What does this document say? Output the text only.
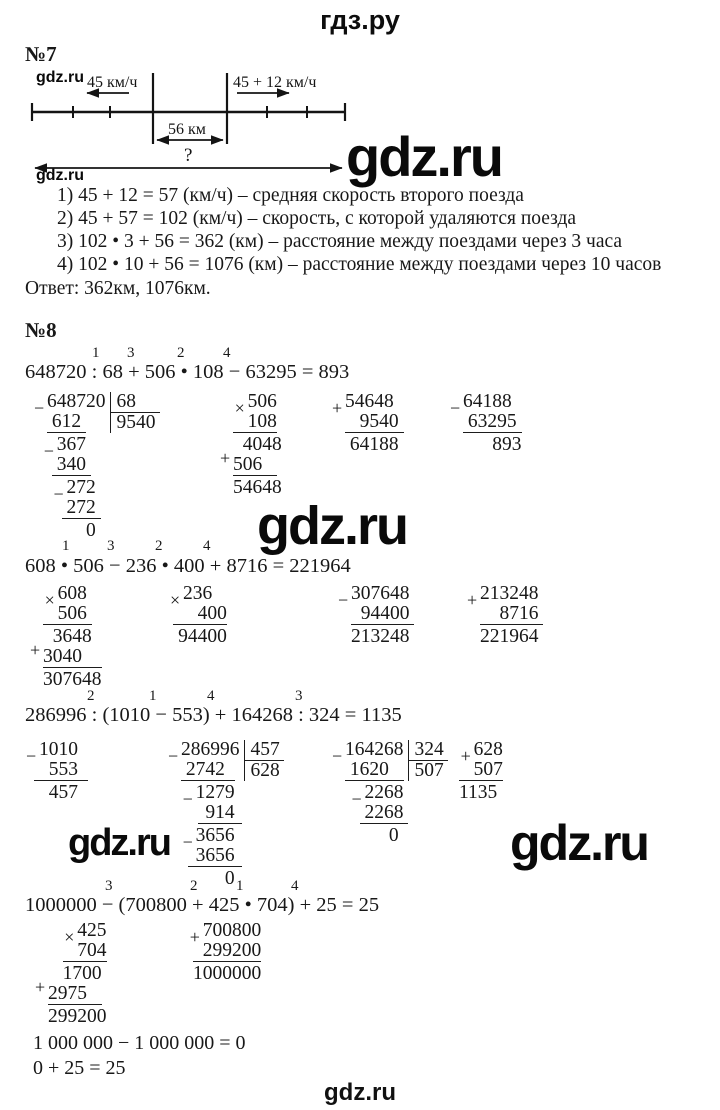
гдз.ру
№7
gdz.ru
gdz.ru	gdz.ru
45 км/ч	45 + 12 км/ч
56 км
?
1) 45 + 12 = 57 (км/ч) – средняя скорость второго поезда
2) 45 + 57 = 102 (км/ч) – скорость, с которой удаляются поезда
3) 102 • 3 + 56 = 362 (км) – расстояние между поездами через 3 часа
4) 102 • 10 + 56 = 1076 (км) – расстояние между поездами через 10 часов
Ответ: 362км, 1076км.
№8
1 3	2	4
648720 : 68 + 506 • 108 − 63295 = 893
− 648720 68
612	9540
− 367
340
− 272
272
0
× 506
108
4048
+ 506
54648
+ 54648
9540
64188
− 64188
63295
893
gdz.ru
1	3	2	4
608 • 506 − 236 • 400 + 8716 = 221964
× 608
506
3648
+ 3040
307648
× 236
400
94400
− 307648
94400
213248
+ 213248
8716
221964
2	1	4	3
286996 : (1010 − 553) + 164268 : 324 = 1135
− 1010
553
457
− 286996 457
2742	628
− 1279
914
− 3656
3656
0
− 164268 324
1620	507
− 2268
2268
0
+ 628
507
1135
gdz.ru	gdz.ru
3	2	1	4
1000000 − (700800 + 425 • 704) + 25 = 25
× 425
704
1700
+ 2975
299200
+ 700800
299200
1000000
1 000 000 − 1 000 000 = 0
0 + 25 = 25
gdz.ru
